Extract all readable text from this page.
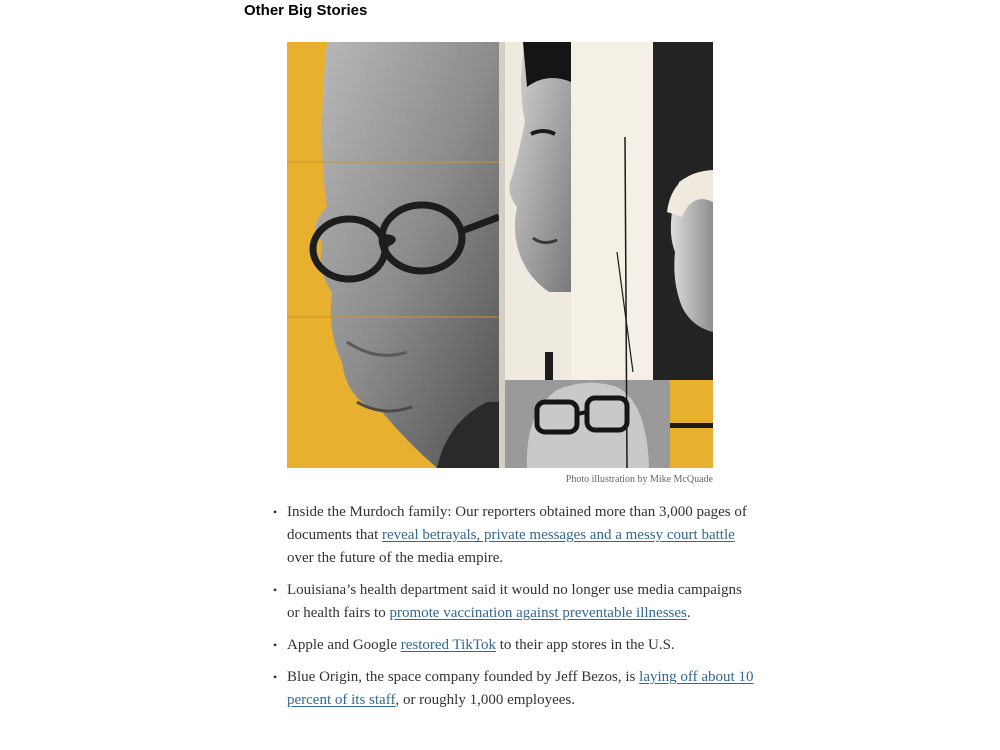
Other Big Stories

Photo illustration by Mike McQuade

• Inside the Murdoch family: Our reporters obtained more than 3,000 pages of documents that reveal betrayals, private messages and a messy court battle over the future of the media empire.
• Louisiana’s health department said it would no longer use media campaigns or health fairs to promote vaccination against preventable illnesses.
• Apple and Google restored TikTok to their app stores in the U.S.
• Blue Origin, the space company founded by Jeff Bezos, is laying off about 10 percent of its staff, or roughly 1,000 employees.
